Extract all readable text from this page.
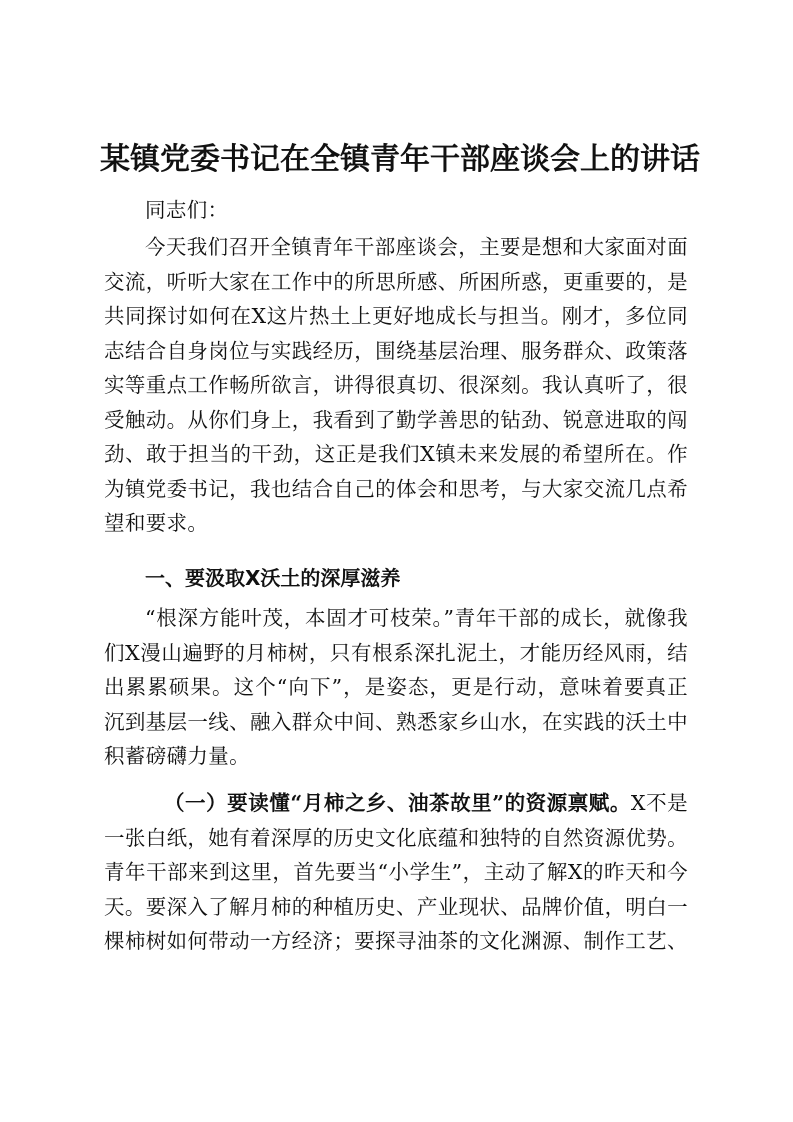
某镇党委书记在全镇青年干部座谈会上的讲话
同志们：
今天我们召开全镇青年干部座谈会，主要是想和大家面对面交流，听听大家在工作中的所思所感、所困所惑，更重要的，是共同探讨如何在X这片热土上更好地成长与担当。刚才，多位同志结合自身岗位与实践经历，围绕基层治理、服务群众、政策落实等重点工作畅所欲言，讲得很真切、很深刻。我认真听了，很受触动。从你们身上，我看到了勤学善思的钻劲、锐意进取的闯劲、敢于担当的干劲，这正是我们X镇未来发展的希望所在。作为镇党委书记，我也结合自己的体会和思考，与大家交流几点希望和要求。
一、要汲取X沃土的深厚滋养
“根深方能叶茂，本固才可枝荣。”青年干部的成长，就像我们X漫山遍野的月柿树，只有根系深扎泥土，才能历经风雨，结出累累硕果。这个“向下”，是姿态，更是行动，意味着要真正沉到基层一线、融入群众中间、熟悉家乡山水，在实践的沃土中积蓄磅礴力量。
（一）要读懂“月柿之乡、油茶故里”的资源禀赋。X不是一张白纸，她有着深厚的历史文化底蕴和独特的自然资源优势。青年干部来到这里，首先要当“小学生”，主动了解X的昨天和今天。要深入了解月柿的种植历史、产业现状、品牌价值，明白一棵柿树如何带动一方经济；要探寻油茶的文化渊源、制作工艺、
